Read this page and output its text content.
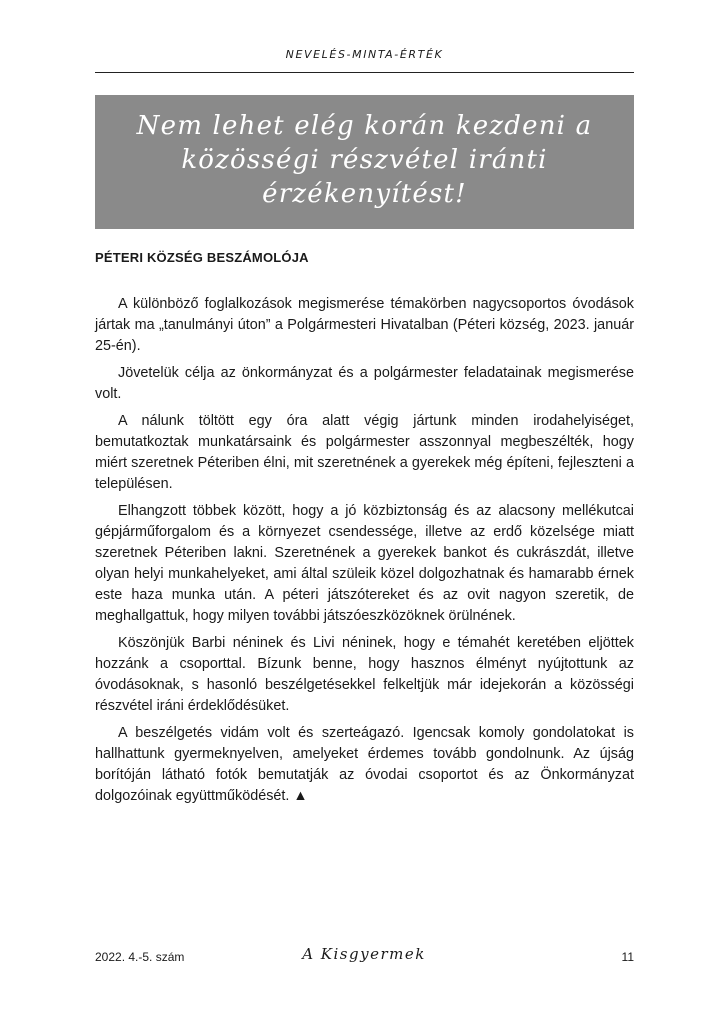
NEVELÉS-MINTA-ÉRTÉK
Nem lehet elég korán kezdeni a közösségi részvétel iránti érzékenyítést!
PÉTERI KÖZSÉG BESZÁMOLÓJA

A különböző foglalkozások megismerése témakörben nagycsoportos óvodások jártak ma „tanulmányi úton” a Polgármesteri Hivatalban (Péteri község, 2023. január 25-én).

Jövetelük célja az önkormányzat és a polgármester feladatainak megismerése volt.

A nálunk töltött egy óra alatt végig jártunk minden irodahelyiséget, bemutatkoztak munkatársaink és polgármester asszonnyal megbeszélték, hogy miért szeretnek Péteriben élni, mit szeretnének a gyerekek még építeni, fejleszteni a településen.

Elhangzott többek között, hogy a jó közbiztonság és az alacsony mellékutcai gépjárműforgalom és a környezet csendessége, illetve az erdő közelsége miatt szeretnek Péteriben lakni. Szeretnének a gyerekek bankot és cukrászdát, illetve olyan helyi munkahelyeket, ami által szüleik közel dolgozhatnak és hamarabb érnek este haza munka után. A péteri játszótereket és az ovit nagyon szeretik, de meghallgattuk, hogy milyen további játszóeszközöknek örülnének.

Köszönjük Barbi néninek és Livi néninek, hogy e témahét keretében eljöttek hozzánk a csoporttal. Bízunk benne, hogy hasznos élményt nyújtottunk az óvodásoknak, s hasonló beszélgetésekkel felkeltjük már idejekorán a közösségi részvétel iráni érdeklődésüket.

A beszélgetés vidám volt és szerteágazó. Igencsak komoly gondolatokat is hallhattunk gyermeknyelven, amelyeket érdemes tovább gondolnunk. Az újság borítóján látható fotók bemutatják az óvodai csoportot és az Önkormányzat dolgozóinak együttműködését. ▲

2022. 4.-5. szám	A Kisgyermek	11
